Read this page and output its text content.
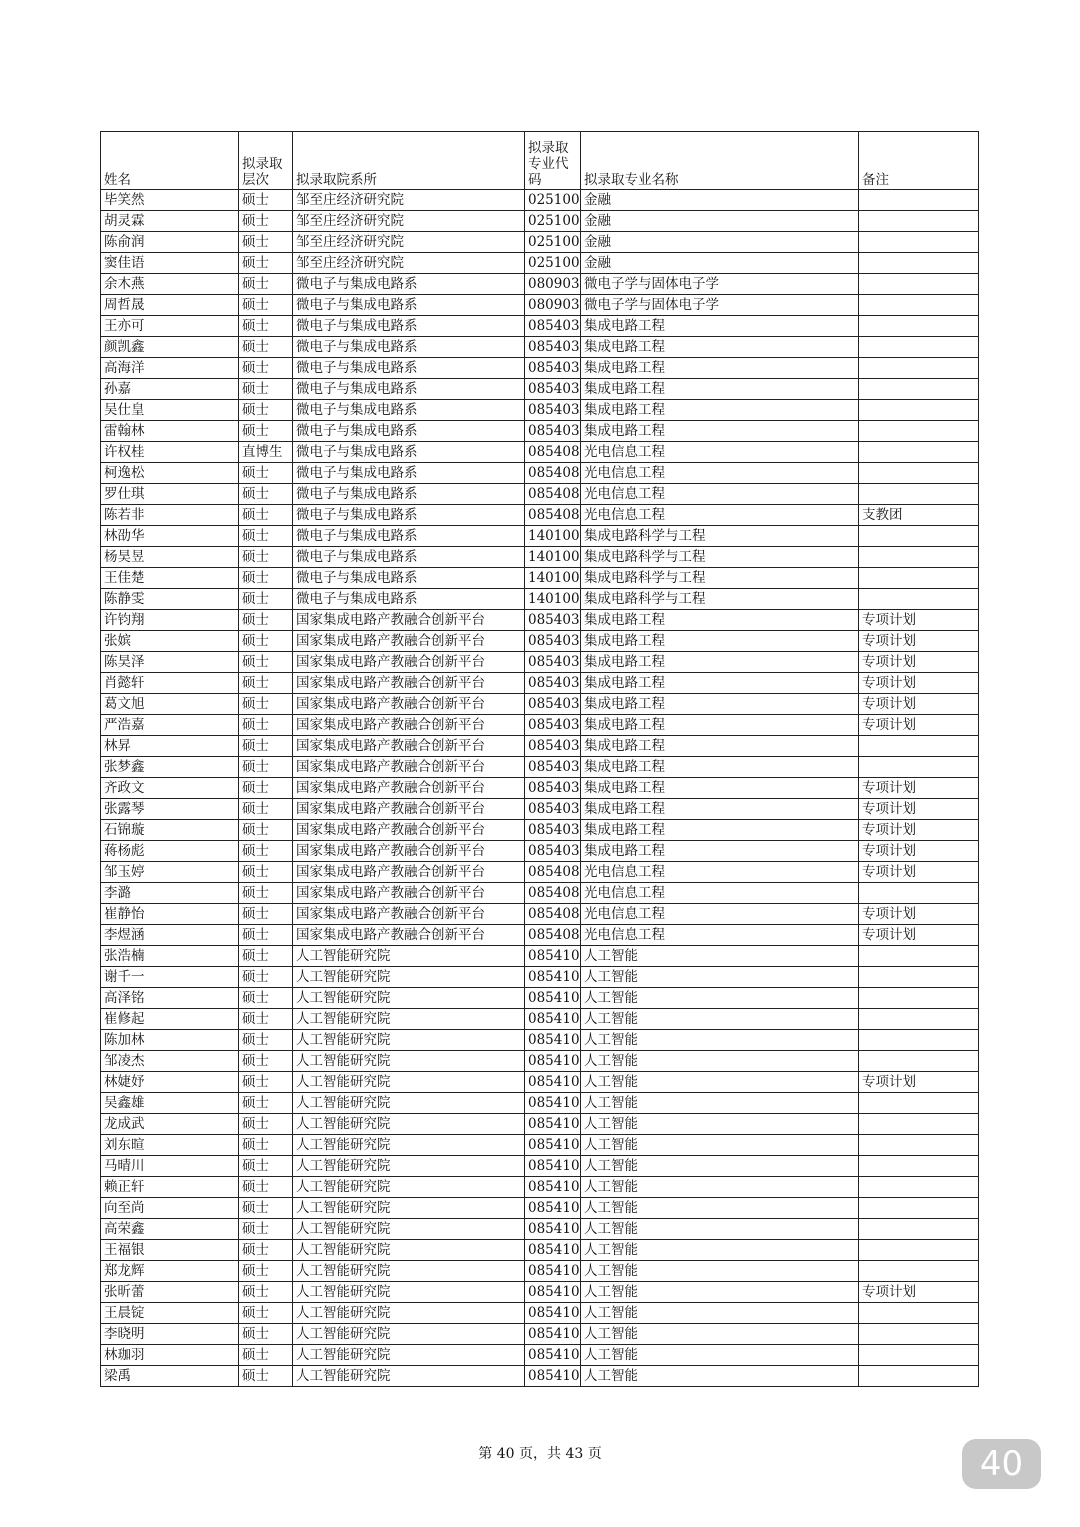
姓名	拟录取层次	拟录取院系所	拟录取专业代码	拟录取专业名称	备注
毕笑然	硕士	邹至庄经济研究院	025100	金融	
胡灵霖	硕士	邹至庄经济研究院	025100	金融	
陈俞润	硕士	邹至庄经济研究院	025100	金融	
窦佳语	硕士	邹至庄经济研究院	025100	金融	
余木燕	硕士	微电子与集成电路系	080903	微电子学与固体电子学	
周哲晟	硕士	微电子与集成电路系	080903	微电子学与固体电子学	
王亦可	硕士	微电子与集成电路系	085403	集成电路工程	
颜凯鑫	硕士	微电子与集成电路系	085403	集成电路工程	
高海洋	硕士	微电子与集成电路系	085403	集成电路工程	
孙嘉	硕士	微电子与集成电路系	085403	集成电路工程	
吴仕皇	硕士	微电子与集成电路系	085403	集成电路工程	
雷翰林	硕士	微电子与集成电路系	085403	集成电路工程	
许权桂	直博生	微电子与集成电路系	085408	光电信息工程	
柯逸松	硕士	微电子与集成电路系	085408	光电信息工程	
罗仕琪	硕士	微电子与集成电路系	085408	光电信息工程	
陈若非	硕士	微电子与集成电路系	085408	光电信息工程	支教团
林劭华	硕士	微电子与集成电路系	140100	集成电路科学与工程	
杨昊昱	硕士	微电子与集成电路系	140100	集成电路科学与工程	
王佳楚	硕士	微电子与集成电路系	140100	集成电路科学与工程	
陈静雯	硕士	微电子与集成电路系	140100	集成电路科学与工程	
许钧翔	硕士	国家集成电路产教融合创新平台	085403	集成电路工程	专项计划
张嫔	硕士	国家集成电路产教融合创新平台	085403	集成电路工程	专项计划
陈昊泽	硕士	国家集成电路产教融合创新平台	085403	集成电路工程	专项计划
肖懿轩	硕士	国家集成电路产教融合创新平台	085403	集成电路工程	专项计划
葛文旭	硕士	国家集成电路产教融合创新平台	085403	集成电路工程	专项计划
严浩嘉	硕士	国家集成电路产教融合创新平台	085403	集成电路工程	专项计划
林昇	硕士	国家集成电路产教融合创新平台	085403	集成电路工程	
张梦鑫	硕士	国家集成电路产教融合创新平台	085403	集成电路工程	
齐政文	硕士	国家集成电路产教融合创新平台	085403	集成电路工程	专项计划
张露琴	硕士	国家集成电路产教融合创新平台	085403	集成电路工程	专项计划
石锦璇	硕士	国家集成电路产教融合创新平台	085403	集成电路工程	专项计划
蒋杨彪	硕士	国家集成电路产教融合创新平台	085403	集成电路工程	专项计划
邹玉婷	硕士	国家集成电路产教融合创新平台	085408	光电信息工程	专项计划
李潞	硕士	国家集成电路产教融合创新平台	085408	光电信息工程	
崔静怡	硕士	国家集成电路产教融合创新平台	085408	光电信息工程	专项计划
李煜涵	硕士	国家集成电路产教融合创新平台	085408	光电信息工程	专项计划
张浩楠	硕士	人工智能研究院	085410	人工智能	
谢千一	硕士	人工智能研究院	085410	人工智能	
高泽铭	硕士	人工智能研究院	085410	人工智能	
崔修起	硕士	人工智能研究院	085410	人工智能	
陈加林	硕士	人工智能研究院	085410	人工智能	
邹凌杰	硕士	人工智能研究院	085410	人工智能	
林婕妤	硕士	人工智能研究院	085410	人工智能	专项计划
吴鑫雄	硕士	人工智能研究院	085410	人工智能	
龙成武	硕士	人工智能研究院	085410	人工智能	
刘东暄	硕士	人工智能研究院	085410	人工智能	
马晴川	硕士	人工智能研究院	085410	人工智能	
赖正轩	硕士	人工智能研究院	085410	人工智能	
向至尚	硕士	人工智能研究院	085410	人工智能	
高荣鑫	硕士	人工智能研究院	085410	人工智能	
王福银	硕士	人工智能研究院	085410	人工智能	
郑龙辉	硕士	人工智能研究院	085410	人工智能	
张昕蕾	硕士	人工智能研究院	085410	人工智能	专项计划
王晨锭	硕士	人工智能研究院	085410	人工智能	
李晓明	硕士	人工智能研究院	085410	人工智能	
林珈羽	硕士	人工智能研究院	085410	人工智能	
梁禹	硕士	人工智能研究院	085410	人工智能	
第 40 页，共 43 页	40
